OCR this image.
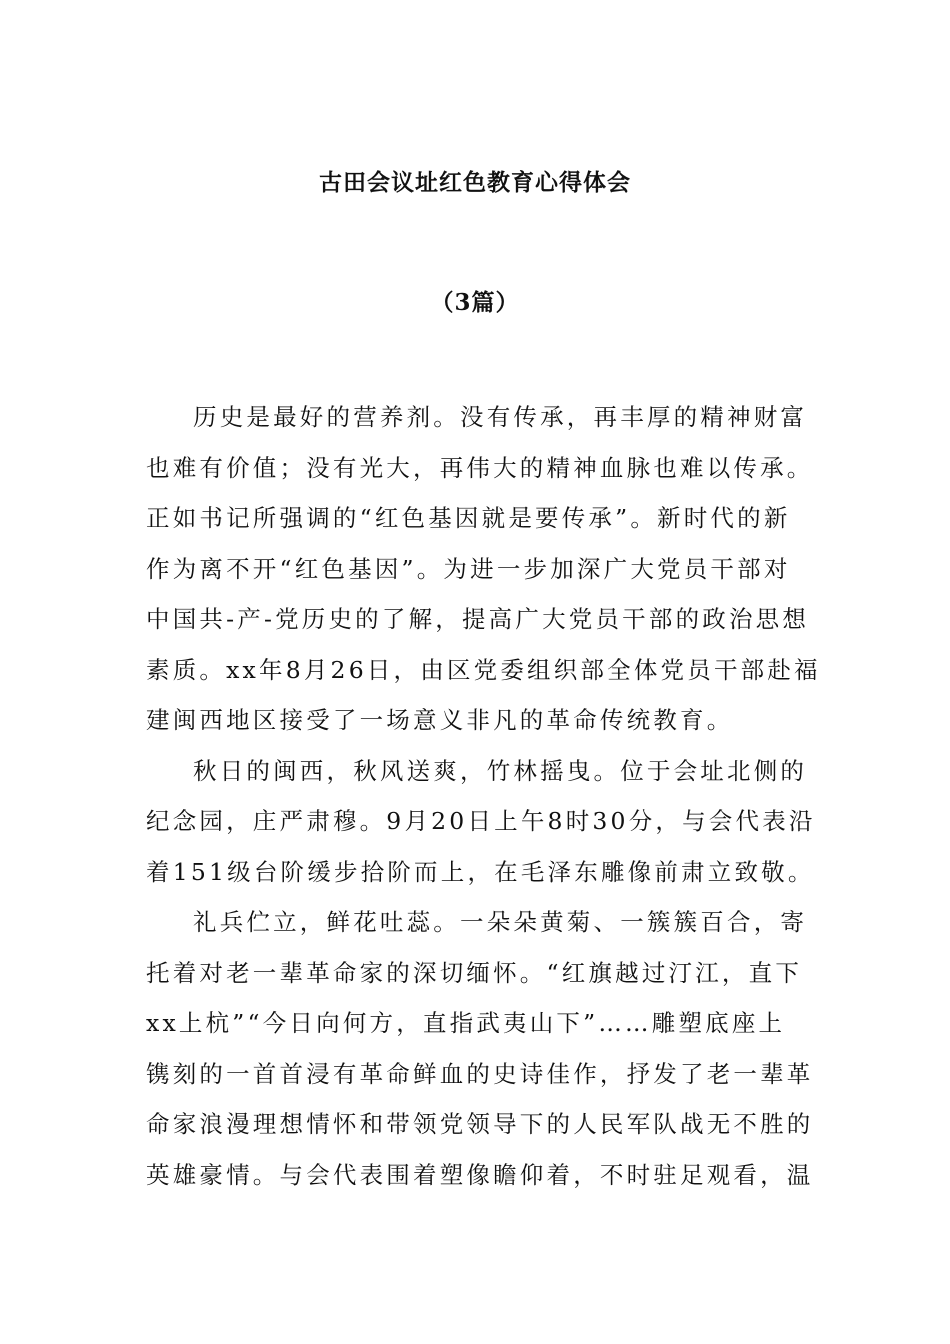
古田会议址红色教育心得体会
（3篇）

历史是最好的营养剂。没有传承，再丰厚的精神财富
也难有价值；没有光大，再伟大的精神血脉也难以传承。
正如书记所强调的“红色基因就是要传承”。新时代的新
作为离不开“红色基因”。为进一步加深广大党员干部对
中国共-产-党历史的了解，提高广大党员干部的政治思想
素质。xx年8月26日，由区党委组织部全体党员干部赴福
建闽西地区接受了一场意义非凡的革命传统教育。

秋日的闽西，秋风送爽，竹林摇曳。位于会址北侧的
纪念园，庄严肃穆。9月20日上午8时30分，与会代表沿
着151级台阶缓步拾阶而上，在毛泽东雕像前肃立致敬。

礼兵伫立，鲜花吐蕊。一朵朵黄菊、一簇簇百合，寄
托着对老一辈革命家的深切缅怀。“红旗越过汀江，直下
xx上杭”“今日向何方，直指武夷山下”……雕塑底座上
镌刻的一首首浸有革命鲜血的史诗佳作，抒发了老一辈革
命家浪漫理想情怀和带领党领导下的人民军队战无不胜的
英雄豪情。与会代表围着塑像瞻仰着，不时驻足观看，温
